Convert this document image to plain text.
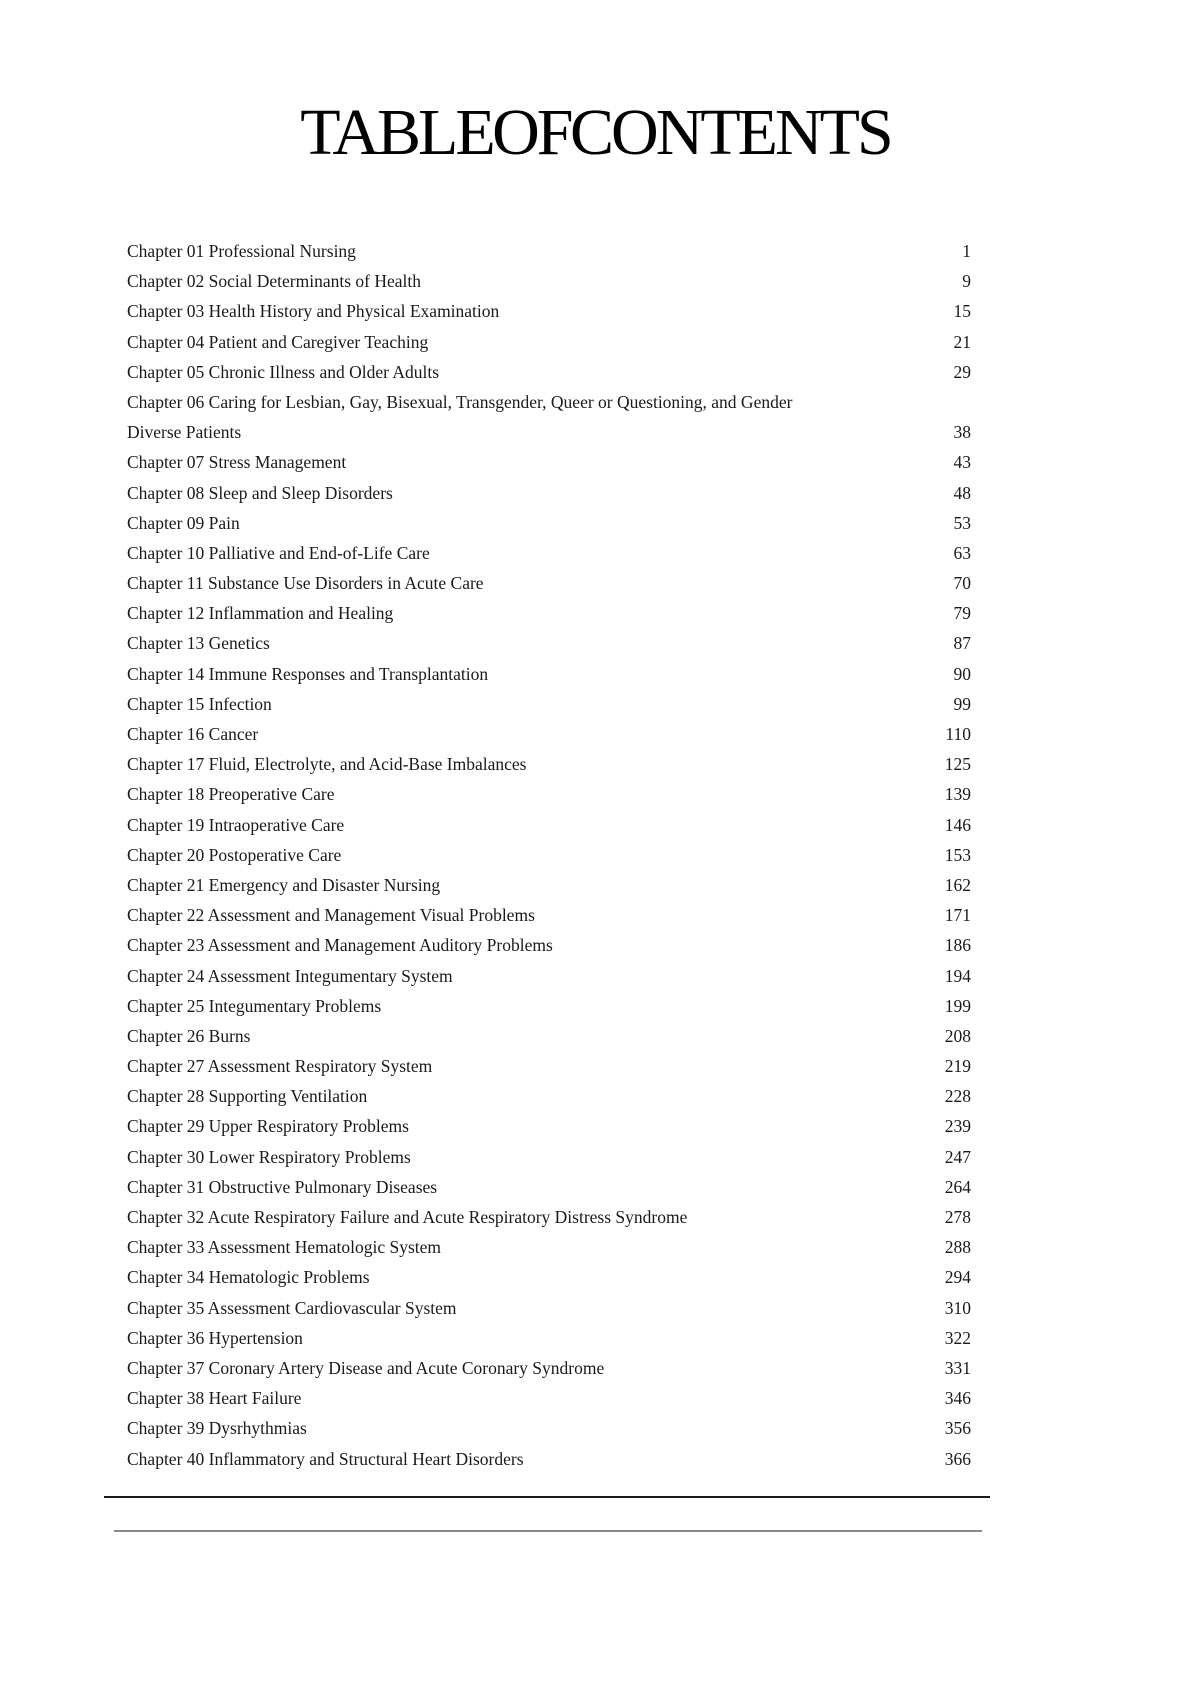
TABLE OF CONTENTS
Chapter 01 Professional Nursing	1
Chapter 02 Social Determinants of Health	9
Chapter 03 Health History and Physical Examination	15
Chapter 04 Patient and Caregiver Teaching	21
Chapter 05 Chronic Illness and Older Adults	29
Chapter 06 Caring for Lesbian, Gay, Bisexual, Transgender, Queer or Questioning, and Gender Diverse Patients	38
Chapter 07 Stress Management	43
Chapter 08 Sleep and Sleep Disorders	48
Chapter 09 Pain	53
Chapter 10 Palliative and End-of-Life Care	63
Chapter 11 Substance Use Disorders in Acute Care	70
Chapter 12 Inflammation and Healing	79
Chapter 13 Genetics	87
Chapter 14 Immune Responses and Transplantation	90
Chapter 15 Infection	99
Chapter 16 Cancer	110
Chapter 17 Fluid, Electrolyte, and Acid-Base Imbalances	125
Chapter 18 Preoperative Care	139
Chapter 19 Intraoperative Care	146
Chapter 20 Postoperative Care	153
Chapter 21 Emergency and Disaster Nursing	162
Chapter 22 Assessment and Management Visual Problems	171
Chapter 23 Assessment and Management Auditory Problems	186
Chapter 24 Assessment Integumentary System	194
Chapter 25 Integumentary Problems	199
Chapter 26 Burns	208
Chapter 27 Assessment Respiratory System	219
Chapter 28 Supporting Ventilation	228
Chapter 29 Upper Respiratory Problems	239
Chapter 30 Lower Respiratory Problems	247
Chapter 31 Obstructive Pulmonary Diseases	264
Chapter 32 Acute Respiratory Failure and Acute Respiratory Distress Syndrome	278
Chapter 33 Assessment Hematologic System	288
Chapter 34 Hematologic Problems	294
Chapter 35 Assessment Cardiovascular System	310
Chapter 36 Hypertension	322
Chapter 37 Coronary Artery Disease and Acute Coronary Syndrome	331
Chapter 38 Heart Failure	346
Chapter 39 Dysrhythmias	356
Chapter 40 Inflammatory and Structural Heart Disorders	366
